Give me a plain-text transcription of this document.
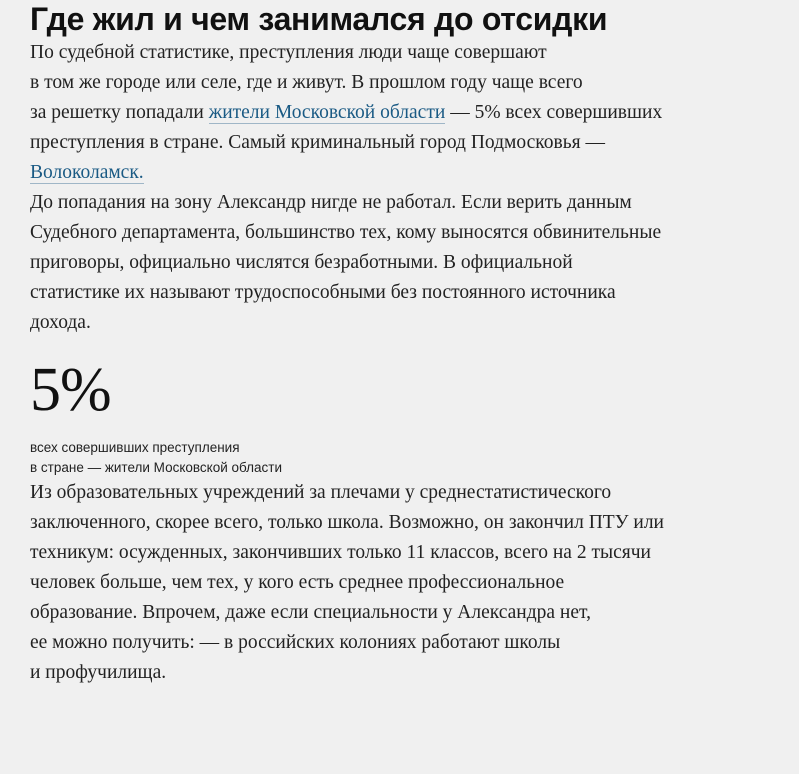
Где жил и чем занимался до отсидки

По судебной статистике, преступления люди чаще совершают
в том же городе или селе, где и живут. В прошлом году чаще всего
за решетку попадали жители Московской области — 5% всех совершивших
преступления в стране. Самый криминальный город Подмосковья —
Волоколамск.

До попадания на зону Александр нигде не работал. Если верить данным
Судебного департамента, большинство тех, кому выносятся обвинительные
приговоры, официально числятся безработными. В официальной
статистике их называют трудоспособными без постоянного источника
дохода.

5%
всех совершивших преступления
в стране — жители Московской области

Из образовательных учреждений за плечами у среднестатистического
заключенного, скорее всего, только школа. Возможно, он закончил ПТУ или
техникум: осужденных, закончивших только 11 классов, всего на 2 тысячи
человек больше, чем тех, у кого есть среднее профессиональное
образование. Впрочем, даже если специальности у Александра нет,
ее можно получить: — в российских колониях работают школы
и профучилища.
